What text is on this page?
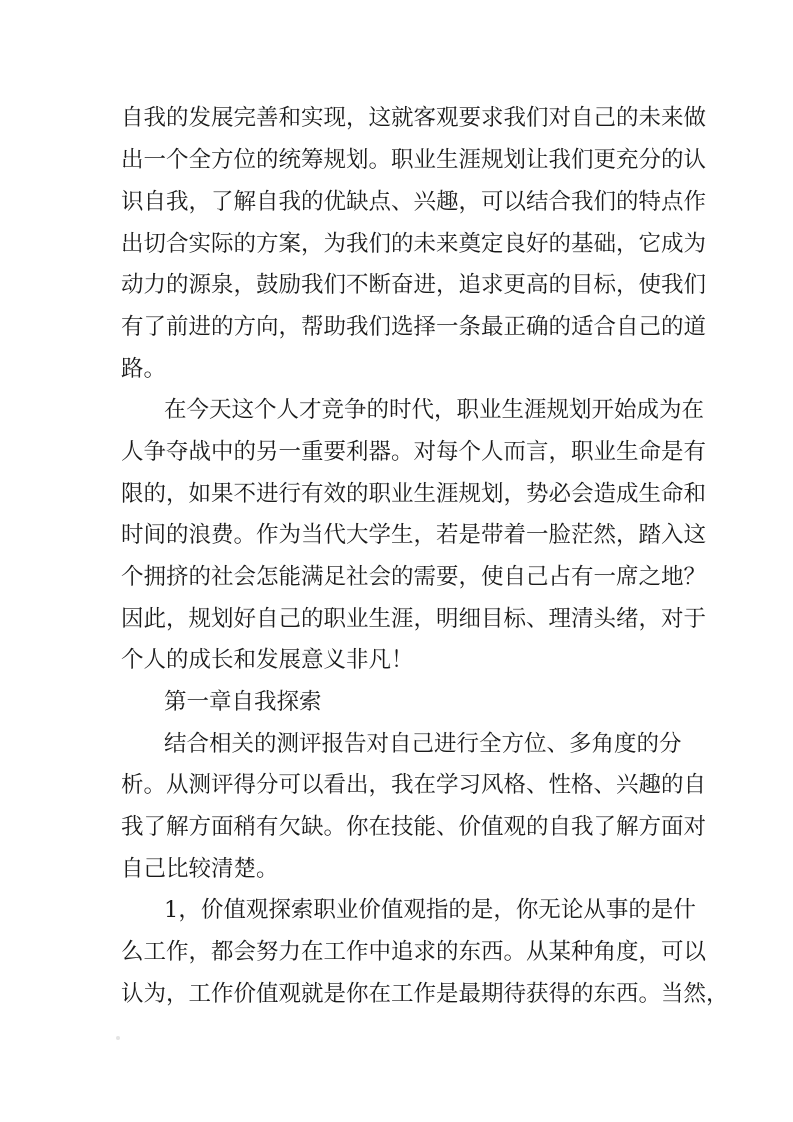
自我的发展完善和实现，这就客观要求我们对自己的未来做
出一个全方位的统筹规划。职业生涯规划让我们更充分的认
识自我，了解自我的优缺点、兴趣，可以结合我们的特点作
出切合实际的方案，为我们的未来奠定良好的基础，它成为
动力的源泉，鼓励我们不断奋进，追求更高的目标，使我们
有了前进的方向，帮助我们选择一条最正确的适合自己的道
路。
在今天这个人才竞争的时代，职业生涯规划开始成为在
人争夺战中的另一重要利器。对每个人而言，职业生命是有
限的，如果不进行有效的职业生涯规划，势必会造成生命和
时间的浪费。作为当代大学生，若是带着一脸茫然，踏入这
个拥挤的社会怎能满足社会的需要，使自己占有一席之地？
因此，规划好自己的职业生涯，明细目标、理清头绪，对于
个人的成长和发展意义非凡！
第一章自我探索
结合相关的测评报告对自己进行全方位、多角度的分
析。从测评得分可以看出，我在学习风格、性格、兴趣的自
我了解方面稍有欠缺。你在技能、价值观的自我了解方面对
自己比较清楚。
1，价值观探索职业价值观指的是，你无论从事的是什
么工作，都会努力在工作中追求的东西。从某种角度，可以
认为，工作价值观就是你在工作是最期待获得的东西。当然，
